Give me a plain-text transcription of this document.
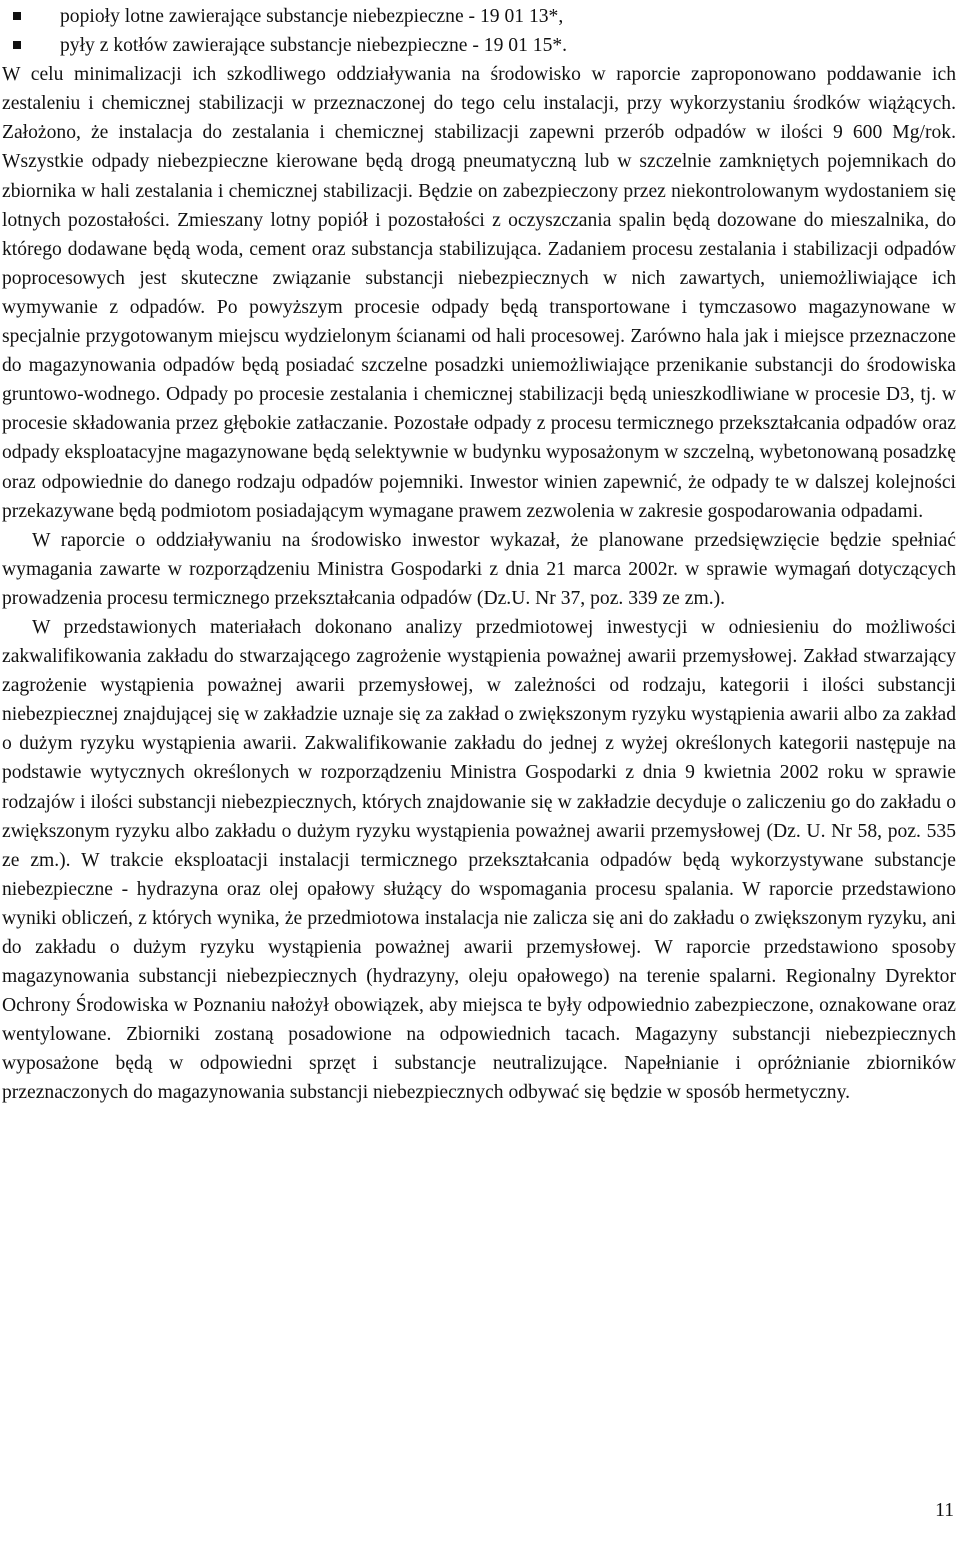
popioły lotne zawierające substancje niebezpieczne - 19 01 13*,
pyły z kotłów zawierające substancje niebezpieczne - 19 01 15*.

W celu minimalizacji ich szkodliwego oddziaływania na środowisko w raporcie zaproponowano poddawanie ich zestaleniu i chemicznej stabilizacji w przeznaczonej do tego celu instalacji, przy wykorzystaniu środków wiążących. Założono, że instalacja do zestalania i chemicznej stabilizacji zapewni przerób odpadów w ilości 9 600 Mg/rok. Wszystkie odpady niebezpieczne kierowane będą drogą pneumatyczną lub w szczelnie zamkniętych pojemnikach do zbiornika w hali zestalania i chemicznej stabilizacji. Będzie on zabezpieczony przez niekontrolowanym wydostaniem się lotnych pozostałości. Zmieszany lotny popiół i pozostałości z oczyszczania spalin będą dozowane do mieszalnika, do którego dodawane będą woda, cement oraz substancja stabilizująca. Zadaniem procesu zestalania i stabilizacji odpadów poprocesowych jest skuteczne związanie substancji niebezpiecznych w nich zawartych, uniemożliwiające ich wymywanie z odpadów. Po powyższym procesie odpady będą transportowane i tymczasowo magazynowane w specjalnie przygotowanym miejscu wydzielonym ścianami od hali procesowej. Zarówno hala jak i miejsce przeznaczone do magazynowania odpadów będą posiadać szczelne posadzki uniemożliwiające przenikanie substancji do środowiska gruntowo-wodnego. Odpady po procesie zestalania i chemicznej stabilizacji będą unieszkodliwiane w procesie D3, tj. w procesie składowania przez głębokie zatłaczanie. Pozostałe odpady z procesu termicznego przekształcania odpadów oraz odpady eksploatacyjne magazynowane będą selektywnie w budynku wyposażonym w szczelną, wybetonowaną posadzkę oraz odpowiednie do danego rodzaju odpadów pojemniki. Inwestor winien zapewnić, że odpady te w dalszej kolejności przekazywane będą podmiotom posiadającym wymagane prawem zezwolenia w zakresie gospodarowania odpadami.

W raporcie o oddziaływaniu na środowisko inwestor wykazał, że planowane przedsięwzięcie będzie spełniać wymagania zawarte w rozporządzeniu Ministra Gospodarki z dnia 21 marca 2002r. w sprawie wymagań dotyczących prowadzenia procesu termicznego przekształcania odpadów (Dz.U. Nr 37, poz. 339 ze zm.).

W przedstawionych materiałach dokonano analizy przedmiotowej inwestycji w odniesieniu do możliwości zakwalifikowania zakładu do stwarzającego zagrożenie wystąpienia poważnej awarii przemysłowej. Zakład stwarzający zagrożenie wystąpienia poważnej awarii przemysłowej, w zależności od rodzaju, kategorii i ilości substancji niebezpiecznej znajdującej się w zakładzie uznaje się za zakład o zwiększonym ryzyku wystąpienia awarii albo za zakład o dużym ryzyku wystąpienia awarii. Zakwalifikowanie zakładu do jednej z wyżej określonych kategorii następuje na podstawie wytycznych określonych w rozporządzeniu Ministra Gospodarki z dnia 9 kwietnia 2002 roku w sprawie rodzajów i ilości substancji niebezpiecznych, których znajdowanie się w zakładzie decyduje o zaliczeniu go do zakładu o zwiększonym ryzyku albo zakładu o dużym ryzyku wystąpienia poważnej awarii przemysłowej (Dz. U. Nr 58, poz. 535 ze zm.). W trakcie eksploatacji instalacji termicznego przekształcania odpadów będą wykorzystywane substancje niebezpieczne - hydrazyna oraz olej opałowy służący do wspomagania procesu spalania. W raporcie przedstawiono wyniki obliczeń, z których wynika, że przedmiotowa instalacja nie zalicza się ani do zakładu o zwiększonym ryzyku, ani do zakładu o dużym ryzyku wystąpienia poważnej awarii przemysłowej. W raporcie przedstawiono sposoby magazynowania substancji niebezpiecznych (hydrazyny, oleju opałowego) na terenie spalarni. Regionalny Dyrektor Ochrony Środowiska w Poznaniu nałożył obowiązek, aby miejsca te były odpowiednio zabezpieczone, oznakowane oraz wentylowane. Zbiorniki zostaną posadowione na odpowiednich tacach. Magazyny substancji niebezpiecznych wyposażone będą w odpowiedni sprzęt i substancje neutralizujące. Napełnianie i opróżnianie zbiorników przeznaczonych do magazynowania substancji niebezpiecznych odbywać się będzie w sposób hermetyczny.

11
